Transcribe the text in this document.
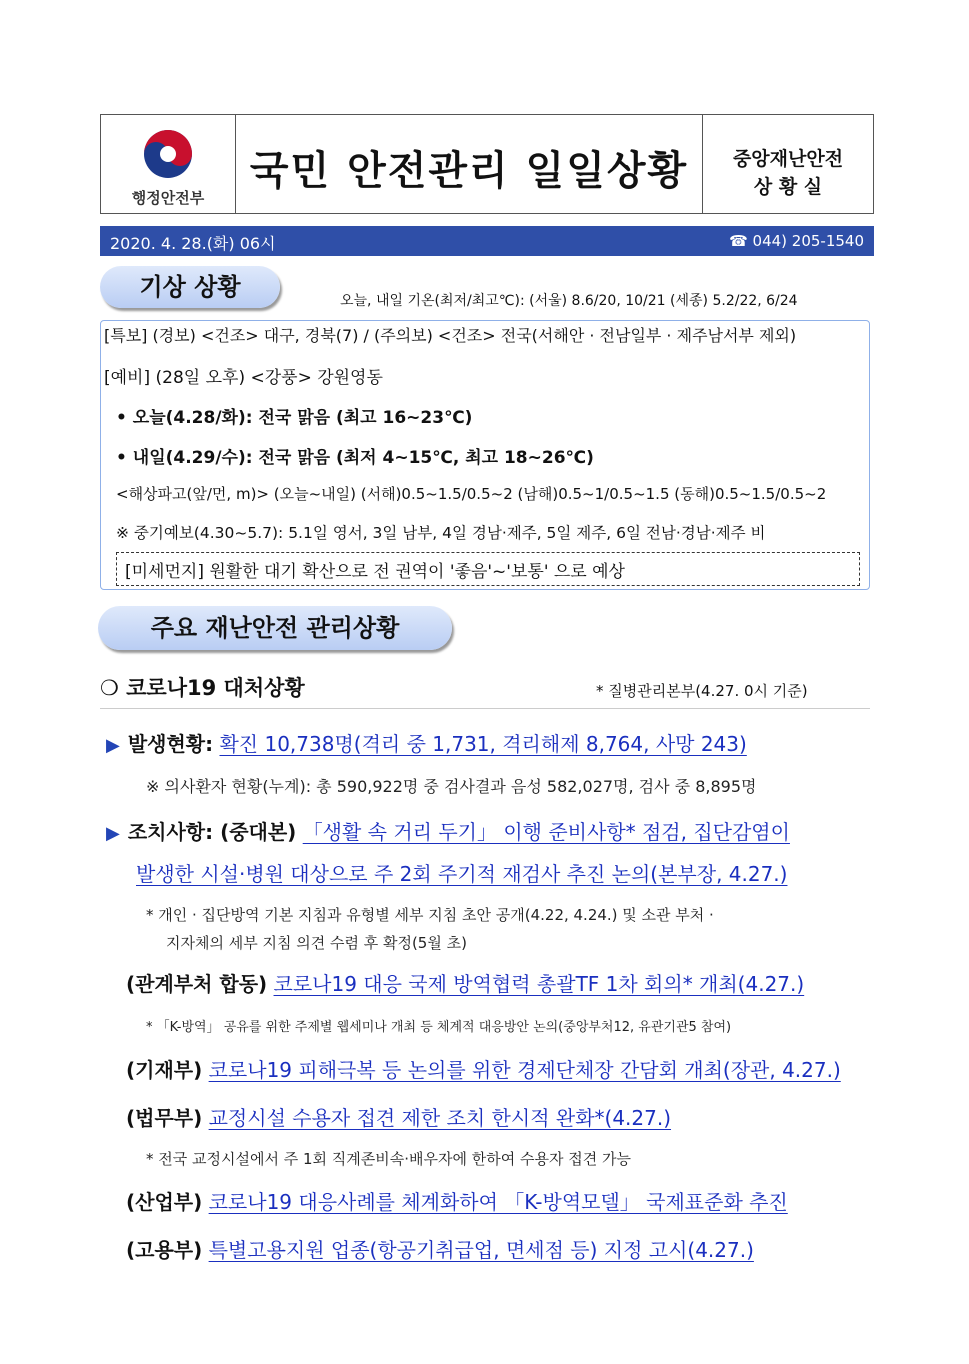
행정안전부
국민 안전관리 일일상황	중앙재난안전
상 황 실
2020. 4. 28.(화) 06시	☎ 044) 205-1540
기상 상황	오늘, 내일 기온(최저/최고℃): (서울) 8.6/20, 10/21 (세종) 5.2/22, 6/24
[특보] (경보) <건조> 대구, 경북(7) / (주의보) <건조> 전국(서해안 · 전남일부 · 제주남서부 제외)
[예비] (28일 오후) <강풍> 강원영동
• 오늘(4.28/화): 전국 맑음 (최고 16~23℃)
• 내일(4.29/수): 전국 맑음 (최저 4~15℃, 최고 18~26℃)
<해상파고(앞/먼, m)> (오늘~내일) (서해)0.5~1.5/0.5~2 (남해)0.5~1/0.5~1.5 (동해)0.5~1.5/0.5~2
※ 중기예보(4.30~5.7): 5.1일 영서, 3일 남부, 4일 경남·제주, 5일 제주, 6일 전남·경남·제주 비
[미세먼지] 원활한 대기 확산으로 전 권역이 '좋음'~'보통' 으로 예상
주요 재난안전 관리상황
❍ 코로나19 대처상황	* 질병관리본부(4.27. 0시 기준)
▶ 발생현황: 확진 10,738명(격리 중 1,731, 격리해제 8,764, 사망 243)
※ 의사환자 현황(누계): 총 590,922명 중 검사결과 음성 582,027명, 검사 중 8,895명
▶ 조치사항: (중대본) 「생활 속 거리 두기」 이행 준비사항* 점검, 집단감염이
발생한 시설·병원 대상으로 주 2회 주기적 재검사 추진 논의(본부장, 4.27.)
* 개인 · 집단방역 기본 지침과 유형별 세부 지침 초안 공개(4.22, 4.24.) 및 소관 부처 ·
지자체의 세부 지침 의견 수렴 후 확정(5월 초)
(관계부처 합동) 코로나19 대응 국제 방역협력 총괄TF 1차 회의* 개최(4.27.)
* 「K-방역」 공유를 위한 주제별 웹세미나 개최 등 체계적 대응방안 논의(중앙부처12, 유관기관5 참여)
(기재부) 코로나19 피해극복 등 논의를 위한 경제단체장 간담회 개최(장관, 4.27.)
(법무부) 교정시설 수용자 접견 제한 조치 한시적 완화*(4.27.)
* 전국 교정시설에서 주 1회 직계존비속·배우자에 한하여 수용자 접견 가능
(산업부) 코로나19 대응사례를 체계화하여 「K-방역모델」 국제표준화 추진
(고용부) 특별고용지원 업종(항공기취급업, 면세점 등) 지정 고시(4.27.)
